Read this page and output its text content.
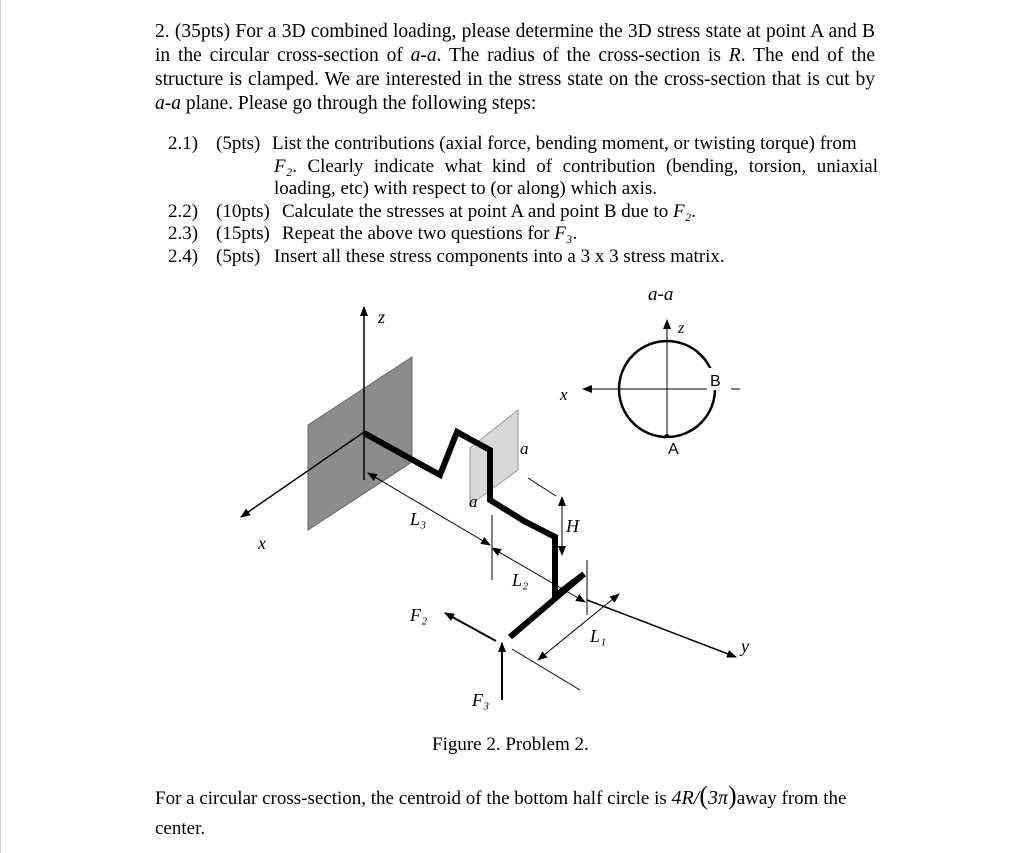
2. (35pts) For a 3D combined loading, please determine the 3D stress state at point A and B in the circular cross-section of a-a. The radius of the cross-section is R. The end of the structure is clamped. We are interested in the stress state on the cross-section that is cut by a-a plane. Please go through the following steps:
2.1) (5pts) List the contributions (axial force, bending moment, or twisting torque) from
F₂. Clearly indicate what kind of contribution (bending, torsion, uniaxial loading, etc) with respect to (or along) which axis.
2.2) (10pts) Calculate the stresses at point A and point B due to F₂.
2.3) (15pts) Repeat the above two questions for F₃.
2.4) (5pts) Insert all these stress components into a 3 x 3 stress matrix.
z
x
y
a-a
z
x
B
A
a
a
L₃
L₂
L₁
H
F₂
F₃
Figure 2. Problem 2.
For a circular cross-section, the centroid of the bottom half circle is 4R/(3π)away from the center.
